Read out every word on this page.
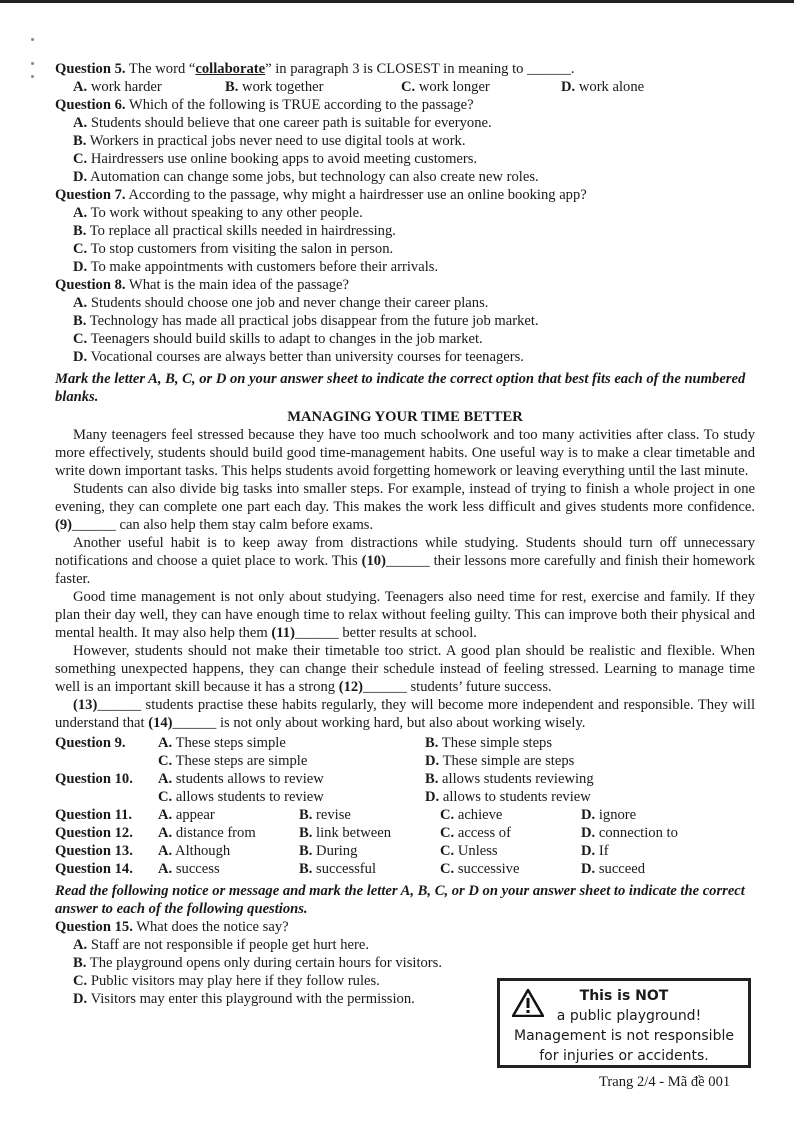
Question 5. The word “collaborate” in paragraph 3 is CLOSEST in meaning to ______.
A. work harder	B. work together	C. work longer	D. work alone
Question 6. Which of the following is TRUE according to the passage?
A. Students should believe that one career path is suitable for everyone.
B. Workers in practical jobs never need to use digital tools at work.
C. Hairdressers use online booking apps to avoid meeting customers.
D. Automation can change some jobs, but technology can also create new roles.
Question 7. According to the passage, why might a hairdresser use an online booking app?
A. To work without speaking to any other people.
B. To replace all practical skills needed in hairdressing.
C. To stop customers from visiting the salon in person.
D. To make appointments with customers before their arrivals.
Question 8. What is the main idea of the passage?
A. Students should choose one job and never change their career plans.
B. Technology has made all practical jobs disappear from the future job market.
C. Teenagers should build skills to adapt to changes in the job market.
D. Vocational courses are always better than university courses for teenagers.
Mark the letter A, B, C, or D on your answer sheet to indicate the correct option that best fits each of the numbered blanks.
MANAGING YOUR TIME BETTER
Many teenagers feel stressed because they have too much schoolwork and too many activities after class. To study more effectively, students should build good time-management habits. One useful way is to make a clear timetable and write down important tasks. This helps students avoid forgetting homework or leaving everything until the last minute.
Students can also divide big tasks into smaller steps. For example, instead of trying to finish a whole project in one evening, they can complete one part each day. This makes the work less difficult and gives students more confidence. (9)______ can also help them stay calm before exams.
Another useful habit is to keep away from distractions while studying. Students should turn off unnecessary notifications and choose a quiet place to work. This (10)______ their lessons more carefully and finish their homework faster.
Good time management is not only about studying. Teenagers also need time for rest, exercise and family. If they plan their day well, they can have enough time to relax without feeling guilty. This can improve both their physical and mental health. It may also help them (11)______ better results at school.
However, students should not make their timetable too strict. A good plan should be realistic and flexible. When something unexpected happens, they can change their schedule instead of feeling stressed. Learning to manage time well is an important skill because it has a strong (12)______ students’ future success.
(13)______ students practise these habits regularly, they will become more independent and responsible. They will understand that (14)______ is not only about working hard, but also about working wisely.
Question 9.	A. These steps simple	B. These simple steps
C. These steps are simple	D. These simple are steps
Question 10.	A. students allows to review	B. allows students reviewing
C. allows students to review	D. allows to students review
Question 11.	A. appear	B. revise	C. achieve	D. ignore
Question 12.	A. distance from	B. link between	C. access of	D. connection to
Question 13.	A. Although	B. During	C. Unless	D. If
Question 14.	A. success	B. successful	C. successive	D. succeed
Read the following notice or message and mark the letter A, B, C, or D on your answer sheet to indicate the correct answer to each of the following questions.
Question 15. What does the notice say?
A. Staff are not responsible if people get hurt here.
B. The playground opens only during certain hours for visitors.
C. Public visitors may play here if they follow rules.
D. Visitors may enter this playground with the permission.	This is NOT
a public playground!
Management is not responsible
for injuries or accidents.
Trang 2/4 - Mã đề 001
